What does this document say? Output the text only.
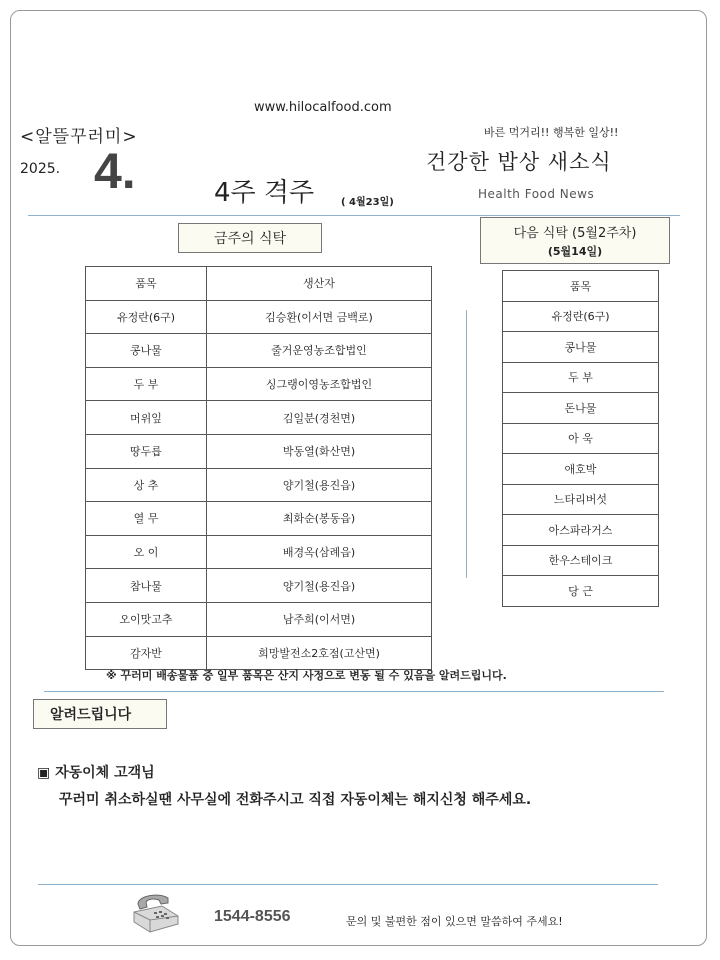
www.hilocalfood.com
<알뜰꾸러미>
2025. 4.	4주 격주	( 4월23일)
바른 먹거리!! 행복한 일상!!
건강한 밥상 새소식
Health Food News
금주의 식탁	다음 식탁 (5월2주차)
(5월14일)
품목	생산자
유정란(6구)	김승환(이서면 금백로)
콩나물	줄거운영농조합법인
두 부	싱그랭이영농조합법인
머위잎	김일분(경천면)
땅두릅	박동열(화산면)
상 추	양기철(용진읍)
열 무	최화순(봉동읍)
오 이	배경옥(삼례읍)
참나물	양기철(용진읍)
오이맛고추	남주희(이서면)
감자반	희망발전소2호점(고산면)
품목
유정란(6구)
콩나물
두 부
돈나물
아 욱
애호박
느타리버섯
아스파라거스
한우스테이크
당 근
※ 꾸러미 배송물품 중 일부 품목은 산지 사정으로 변동 될 수 있음을 알려드립니다.
알려드립니다
▣ 자동이체 고객님
꾸러미 취소하실땐 사무실에 전화주시고 직접 자동이체는 해지신청 해주세요.
1544-8556	문의 및 불편한 점이 있으면 말씀하여 주세요!
